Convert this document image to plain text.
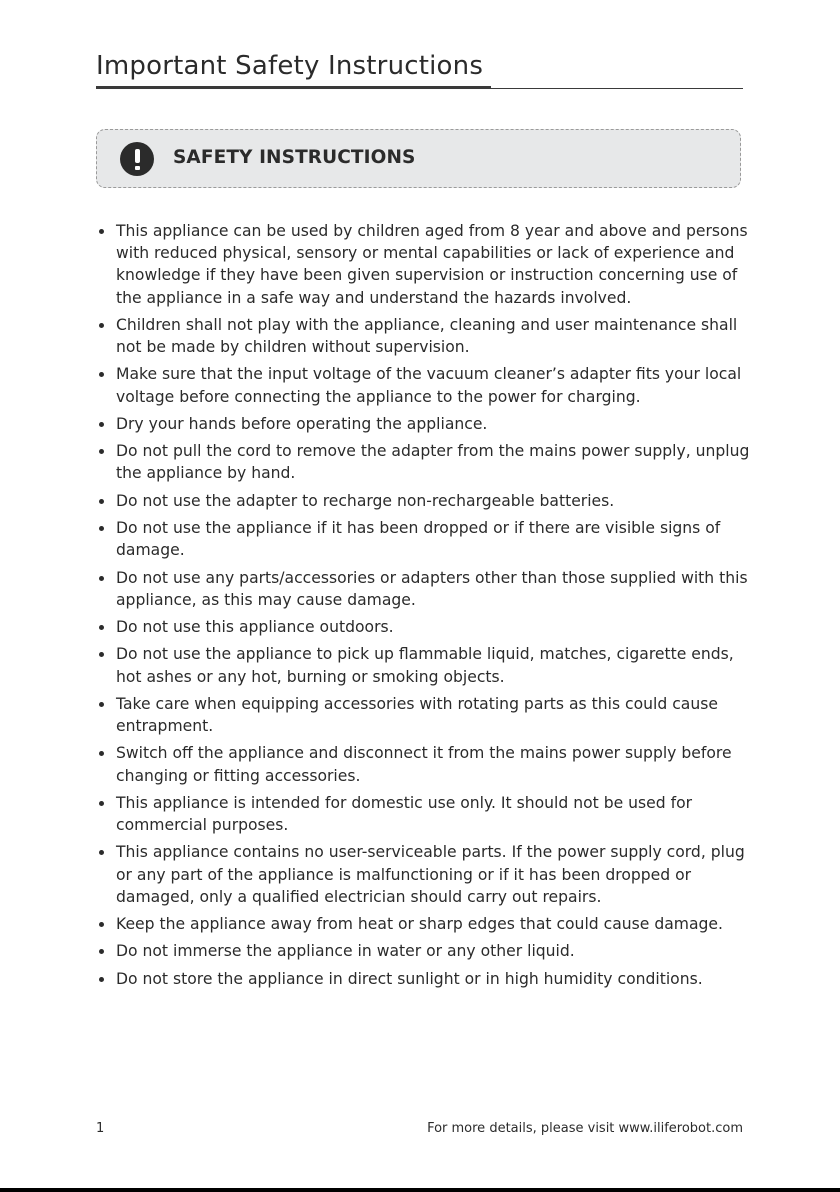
Important Safety Instructions
SAFETY INSTRUCTIONS
This appliance can be used by children aged from 8 year and above and persons with reduced physical, sensory or mental capabilities or lack of experience and knowledge if they have been given supervision or instruction concerning use of the appliance in a safe way and understand the hazards involved.
Children shall not play with the appliance, cleaning and user maintenance shall not be made by children without supervision.
Make sure that the input voltage of the vacuum cleaner’s adapter fits your local voltage before connecting the appliance to the power for charging.
Dry your hands before operating the appliance.
Do not pull the cord to remove the adapter from the mains power supply, unplug the appliance by hand.
Do not use the adapter to recharge non-rechargeable batteries.
Do not use the appliance if it has been dropped or if there are visible signs of damage.
Do not use any parts/accessories or adapters other than those supplied with this appliance, as this may cause damage.
Do not use this appliance outdoors.
Do not use the appliance to pick up flammable liquid, matches, cigarette ends, hot ashes or any hot, burning or smoking objects.
Take care when equipping accessories with rotating parts as this could cause entrapment.
Switch off the appliance and disconnect it from the mains power supply before changing or fitting accessories.
This appliance is intended for domestic use only. It should not be used for commercial purposes.
This appliance contains no user-serviceable parts. If the power supply cord, plug or any part of the appliance is malfunctioning or if it has been dropped or damaged, only a qualified electrician should carry out repairs.
Keep the appliance away from heat or sharp edges that could cause damage.
Do not immerse the appliance in water or any other liquid.
Do not store the appliance in direct sunlight or in high humidity conditions.
1	For more details, please visit www.iliferobot.com
